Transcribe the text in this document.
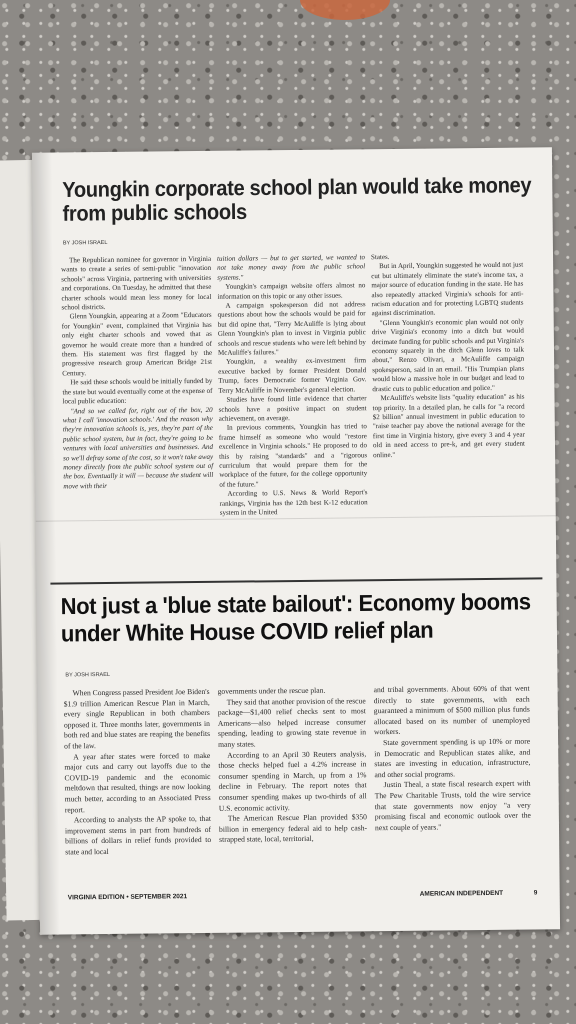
Youngkin corporate school plan would take money from public schools
BY JOSH ISRAEL

The Republican nominee for governor in Virginia wants to create a series of semi-public "innovation schools" across Virginia, partnering with universities and corporations. On Tuesday, he admitted that these charter schools would mean less money for local school districts.

Glenn Youngkin, appearing at a Zoom "Educators for Youngkin" event, complained that Virginia has only eight charter schools and vowed that as governor he would create more than a hundred of them. His statement was first flagged by the progressive research group American Bridge 21st Century.

He said these schools would be initially funded by the state but would eventually come at the expense of local public education:

"And so we called for, right out of the box, 20 what I call 'innovation schools.' And the reason why they're innovation schools is, yes, they're part of the public school system, but in fact, they're going to be ventures with local universities and businesses. And so we'll defray some of the cost, so it won't take away money directly from the public school system out of the box. Eventually it will — because the student will move with their

tuition dollars — but to get started, we wanted to not take money away from the public school systems."

Youngkin's campaign website offers almost no information on this topic or any other issues.

A campaign spokesperson did not address questions about how the schools would be paid for but did opine that, "Terry McAuliffe is lying about Glenn Youngkin's plan to invest in Virginia public schools and rescue students who were left behind by McAuliffe's failures."

Youngkin, a wealthy ex-investment firm executive backed by former President Donald Trump, faces Democratic former Virginia Gov. Terry McAuliffe in November's general election.

Studies have found little evidence that charter schools have a positive impact on student achievement, on average.

In previous comments, Youngkin has tried to frame himself as someone who would "restore excellence in Virginia schools." He proposed to do this by raising "standards" and a "rigorous curriculum that would prepare them for the workplace of the future, for the college opportunity of the future."

According to U.S. News & World Report's rankings, Virginia has the 12th best K-12 education system in the United

States.

But in April, Youngkin suggested he would not just cut but ultimately eliminate the state's income tax, a major source of education funding in the state. He has also repeatedly attacked Virginia's schools for anti-racism education and for protecting LGBTQ students against discrimination.

"Glenn Youngkin's economic plan would not only drive Virginia's economy into a ditch but would decimate funding for public schools and put Virginia's economy squarely in the ditch Glenn loves to talk about," Renzo Olivari, a McAuliffe campaign spokesperson, said in an email. "His Trumpian plans would blow a massive hole in our budget and lead to drastic cuts to public education and police."

McAuliffe's website lists "quality education" as his top priority. In a detailed plan, he calls for "a record $2 billion" annual investment in public education to "raise teacher pay above the national average for the first time in Virginia history, give every 3 and 4 year old in need access to pre-k, and get every student online."

Not just a 'blue state bailout': Economy booms under White House COVID relief plan
BY JOSH ISRAEL

When Congress passed President Joe Biden's $1.9 trillion American Rescue Plan in March, every single Republican in both chambers opposed it. Three months later, governments in both red and blue states are reaping the benefits of the law.

A year after states were forced to make major cuts and carry out layoffs due to the COVID-19 pandemic and the economic meltdown that resulted, things are now looking much better, according to an Associated Press report.

According to analysts the AP spoke to, that improvement stems in part from hundreds of billions of dollars in relief funds provided to state and local

governments under the rescue plan.

They said that another provision of the rescue package—$1,400 relief checks sent to most Americans—also helped increase consumer spending, leading to growing state revenue in many states.

According to an April 30 Reuters analysis, those checks helped fuel a 4.2% increase in consumer spending in March, up from a 1% decline in February. The report notes that consumer spending makes up two-thirds of all U.S. economic activity.

The American Rescue Plan provided $350 billion in emergency federal aid to help cash-strapped state, local, territorial,

and tribal governments. About 60% of that went directly to state governments, with each guaranteed a minimum of $500 million plus funds allocated based on its number of unemployed workers.

State government spending is up 10% or more in Democratic and Republican states alike, and states are investing in education, infrastructure, and other social programs.

Justin Theal, a state fiscal research expert with The Pew Charitable Trusts, told the wire service that state governments now enjoy "a very promising fiscal and economic outlook over the next couple of years."

VIRGINIA EDITION • SEPTEMBER 2021	AMERICAN INDEPENDENT	9
